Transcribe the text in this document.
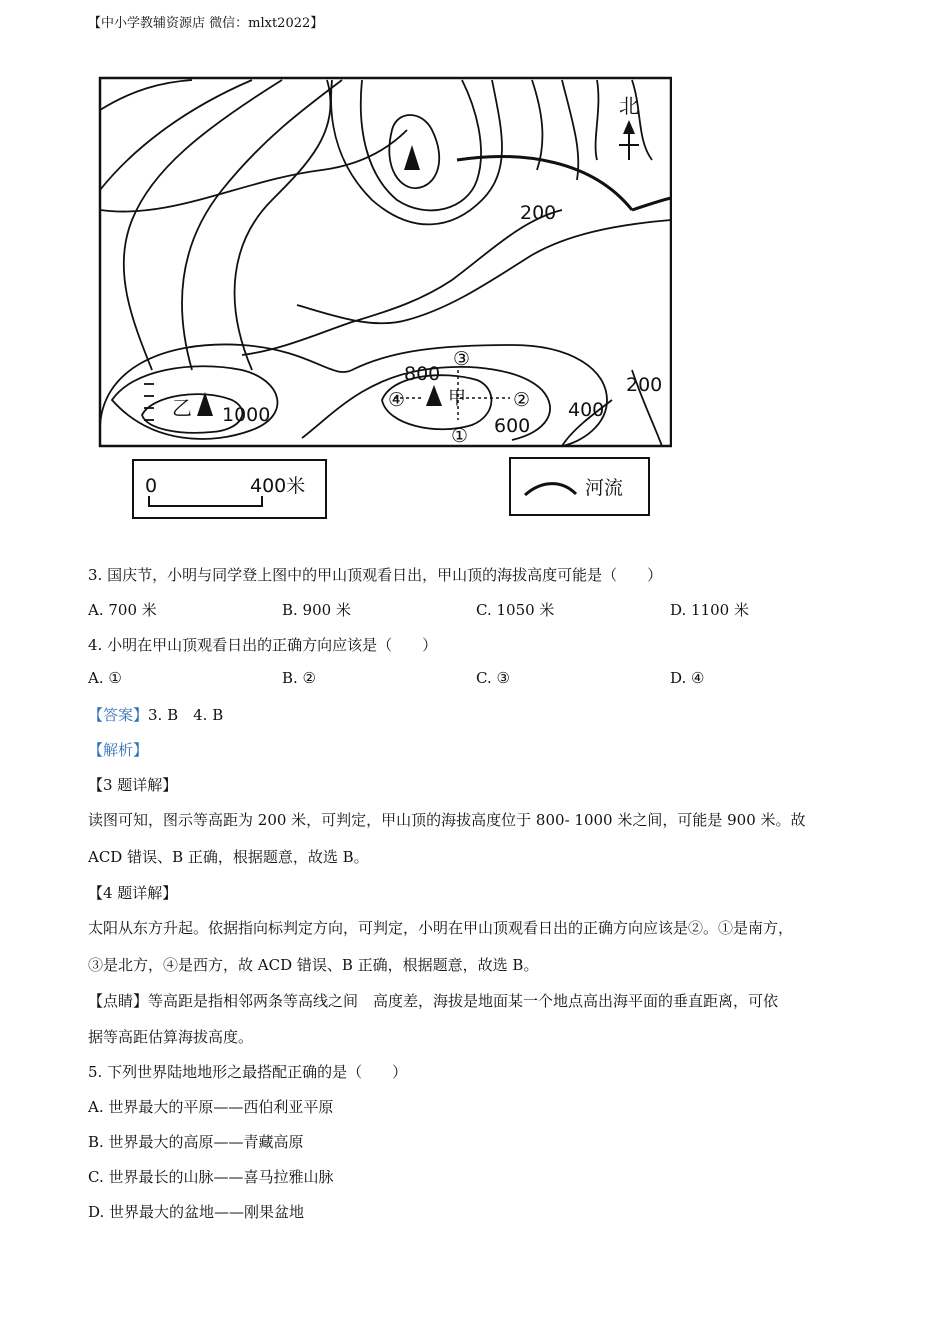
【中小学教辅资源店 微信：mlxt2022】
北
200
800
600
400
200
1000
乙	甲
①
②
③
④
0	400米	河流
3. 国庆节，小明与同学登上图中的甲山顶观看日出，甲山顶的海拔高度可能是（　　）
A. 700 米	B. 900 米	C. 1050 米	D. 1100 米
4. 小明在甲山顶观看日出的正确方向应该是（　　）
A. ①	B. ②	C. ③	D. ④
【答案】3. B　4. B
【解析】
【3 题详解】
读图可知，图示等高距为 200 米，可判定，甲山顶的海拔高度位于 800- 1000 米之间，可能是 900 米。故
ACD 错误、B 正确，根据题意，故选 B。
【4 题详解】
太阳从东方升起。依据指向标判定方向，可判定，小明在甲山顶观看日出的正确方向应该是②。①是南方，
③是北方，④是西方，故 ACD 错误、B 正确，根据题意，故选 B。
【点睛】等高距是指相邻两条等高线之间　高度差，海拔是地面某一个地点高出海平面的垂直距离，可依
据等高距估算海拔高度。
5. 下列世界陆地地形之最搭配正确的是（　　）
A. 世界最大的平原——西伯利亚平原
B. 世界最大的高原——青藏高原
C. 世界最长的山脉——喜马拉雅山脉
D. 世界最大的盆地——刚果盆地
